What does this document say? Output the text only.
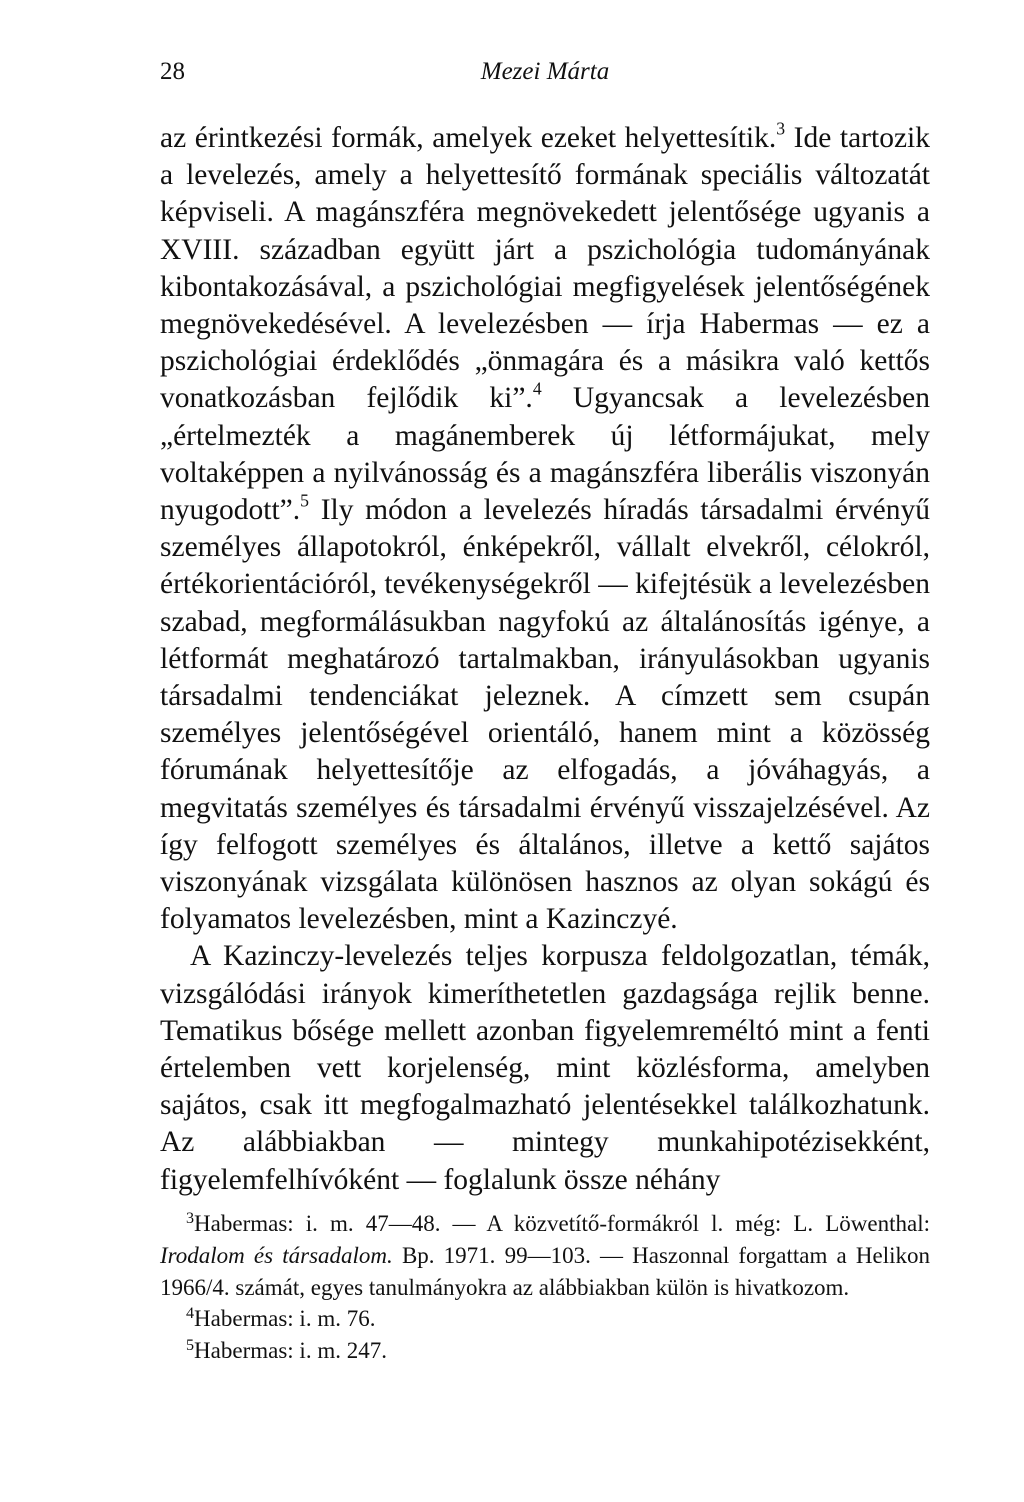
28	Mezei Márta

az érintkezési formák, amelyek ezeket helyettesítik.$^3$ Ide tartozik a levelezés, amely a helyettesítő formának speciális változatát képviseli. A magánszféra megnövekedett jelentősége ugyanis a XVIII. században együtt járt a pszichológia tudományának kibontakozásával, a pszichológiai megfigyelések jelentőségének megnövekedésével. A levelezésben — írja Habermas — ez a pszichológiai érdeklődés „önmagára és a másikra való kettős vonatkozásban fejlődik ki”.$^4$ Ugyancsak a levelezésben „értelmezték a magánemberek új létformájukat, mely voltaképpen a nyilvánosság és a magánszféra liberális viszonyán nyugodott”.$^5$ Ily módon a levelezés híradás társadalmi érvényű személyes állapotokról, énképekről, vállalt elvekről, célokról, értékorientációról, tevékenységekről — kifejtésük a levelezésben szabad, megformálásukban nagyfokú az általánosítás igénye, a létformát meghatározó tartalmakban, irányulásokban ugyanis társadalmi tendenciákat jeleznek. A címzett sem csupán személyes jelentőségével orientáló, hanem mint a közösség fórumának helyettesítője az elfogadás, a jóváhagyás, a megvitatás személyes és társadalmi érvényű visszajelzésével. Az így felfogott személyes és általános, illetve a kettő sajátos viszonyának vizsgálata különösen hasznos az olyan sokágú és folyamatos levelezésben, mint a Kazinczyé.

A Kazinczy-levelezés teljes korpusza feldolgozatlan, témák, vizsgálódási irányok kimeríthetetlen gazdagsága rejlik benne. Tematikus bősége mellett azonban figyelemreméltó mint a fenti értelemben vett korjelenség, mint közlésforma, amelyben sajátos, csak itt megfogalmazható jelentésekkel találkozhatunk. Az alábbiakban — mintegy munkahipotézisekként, figyelemfelhívóként — foglalunk össze néhány

$^3$Habermas: i. m. 47—48. — A közvetítő-formákról l. még: L. Löwenthal: Irodalom és társadalom. Bp. 1971. 99—103. — Haszonnal forgattam a Helikon 1966/4. számát, egyes tanulmányokra az alábbiakban külön is hivatkozom.

$^4$Habermas: i. m. 76.

$^5$Habermas: i. m. 247.
